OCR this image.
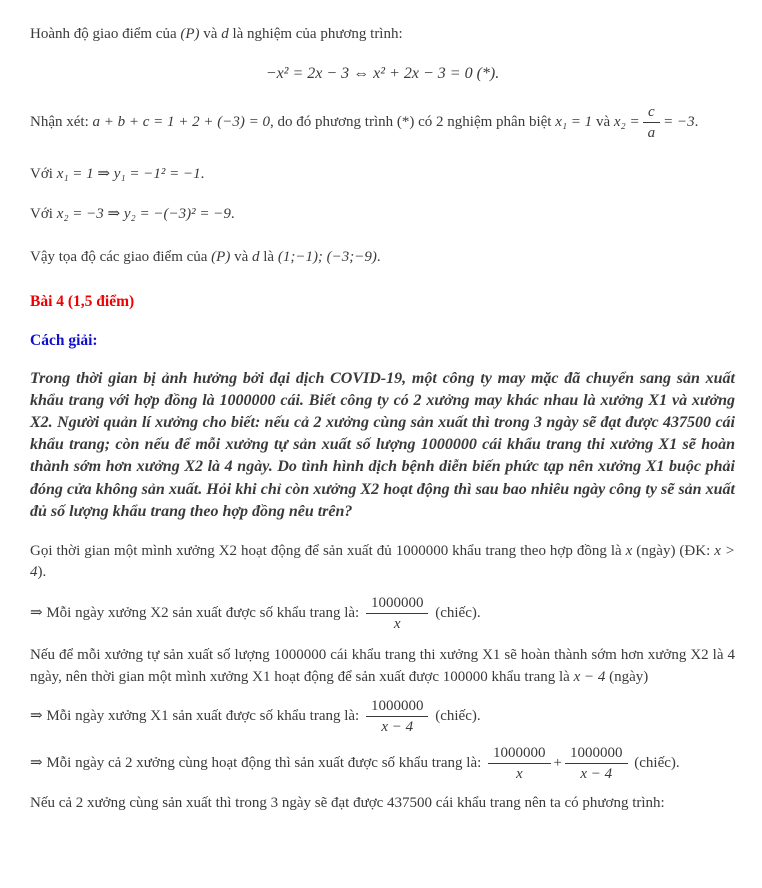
Hoành độ giao điểm của (P) và d là nghiệm của phương trình:

−x² = 2x − 3 ⇔ x² + 2x − 3 = 0 (*).

Nhận xét: a + b + c = 1 + 2 + (−3) = 0, do đó phương trình (*) có 2 nghiệm phân biệt x₁ = 1 và $x_2 = \frac{c}{a} = -3$.

Với x₁ = 1 ⇒ y₁ = −1² = −1.

Với x₂ = −3 ⇒ y₂ = −(−3)² = −9.

Vậy tọa độ các giao điểm của (P) và d là (1;−1); (−3;−9).

Bài 4 (1,5 điểm)

Cách giải:

Trong thời gian bị ảnh hưởng bởi đại dịch COVID-19, một công ty may mặc đã chuyển sang sản xuất khẩu trang với hợp đồng là 1000000 cái. Biết công ty có 2 xưởng may khác nhau là xưởng X1 và xưởng X2. Người quản lí xưởng cho biết: nếu cả 2 xưởng cùng sản xuất thì trong 3 ngày sẽ đạt được 437500 cái khẩu trang; còn nếu để mỗi xưởng tự sản xuất số lượng 1000000 cái khẩu trang thi xưởng X1 sẽ hoàn thành sớm hơn xưởng X2 là 4 ngày. Do tình hình dịch bệnh diễn biến phức tạp nên xưởng X1 buộc phải đóng cửa không sản xuất. Hỏi khi chỉ còn xưởng X2 hoạt động thì sau bao nhiêu ngày công ty sẽ sản xuất đủ số lượng khẩu trang theo hợp đồng nêu trên?

Gọi thời gian một mình xưởng X2 hoạt động để sản xuất đủ 1000000 khẩu trang theo hợp đồng là x (ngày) (ĐK: x > 4).

⇒ Mỗi ngày xưởng X2 sản xuất được số khẩu trang là: $\frac{1000000}{x}$ (chiếc).

Nếu để mỗi xưởng tự sản xuất số lượng 1000000 cái khẩu trang thi xưởng X1 sẽ hoàn thành sớm hơn xưởng X2 là 4 ngày, nên thời gian một mình xưởng X1 hoạt động để sản xuất được 100000 khẩu trang là x − 4 (ngày)

⇒ Mỗi ngày xưởng X1 sản xuất được số khẩu trang là: $\frac{1000000}{x - 4}$ (chiếc).

⇒ Mỗi ngày cả 2 xưởng cùng hoạt động thì sản xuất được số khẩu trang là: $\frac{1000000}{x} + \frac{1000000}{x - 4}$ (chiếc).

Nếu cả 2 xưởng cùng sản xuất thì trong 3 ngày sẽ đạt được 437500 cái khẩu trang nên ta có phương trình:
